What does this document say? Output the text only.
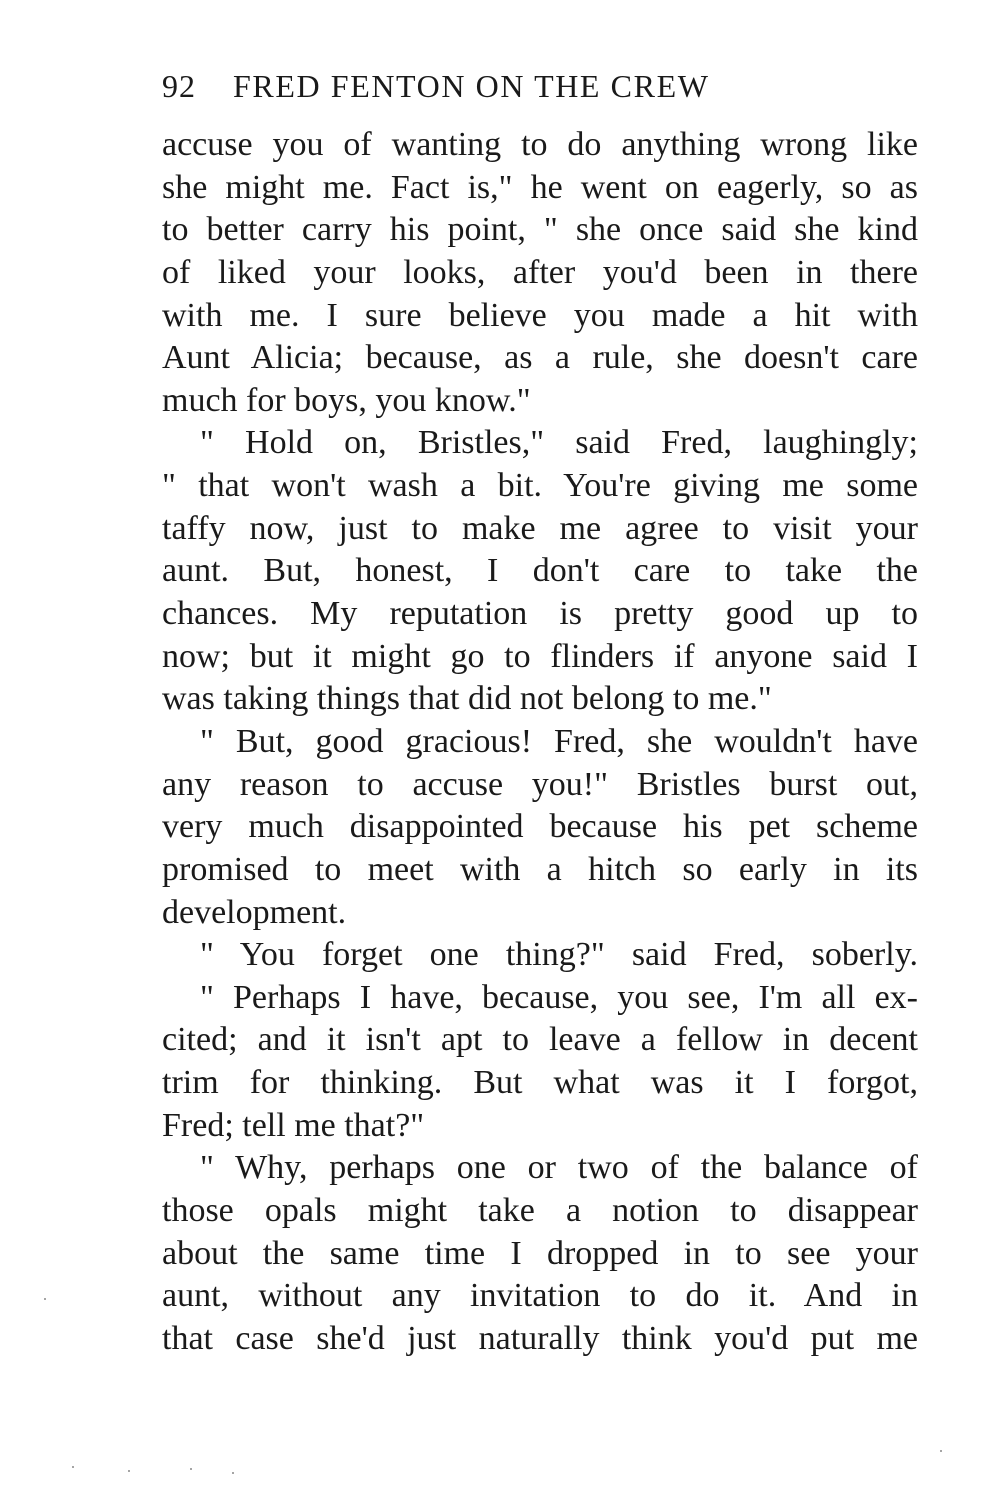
92 FRED FENTON ON THE CREW
accuse you of wanting to do anything wrong like
she might me. Fact is," he went on eagerly, so as
to better carry his point, " she once said she kind
of liked your looks, after you'd been in there
with me. I sure believe you made a hit with
Aunt Alicia; because, as a rule, she doesn't care
much for boys, you know."
" Hold on, Bristles," said Fred, laughingly;
" that won't wash a bit. You're giving me some
taffy now, just to make me agree to visit your
aunt. But, honest, I don't care to take the
chances. My reputation is pretty good up to
now; but it might go to flinders if anyone said I
was taking things that did not belong to me."
" But, good gracious! Fred, she wouldn't have
any reason to accuse you!" Bristles burst out,
very much disappointed because his pet scheme
promised to meet with a hitch so early in its
development.
" You forget one thing?" said Fred, soberly.
" Perhaps I have, because, you see, I'm all ex-
cited; and it isn't apt to leave a fellow in decent
trim for thinking. But what was it I forgot,
Fred; tell me that?"
" Why, perhaps one or two of the balance of
those opals might take a notion to disappear
about the same time I dropped in to see your
aunt, without any invitation to do it. And in
that case she'd just naturally think you'd put me
